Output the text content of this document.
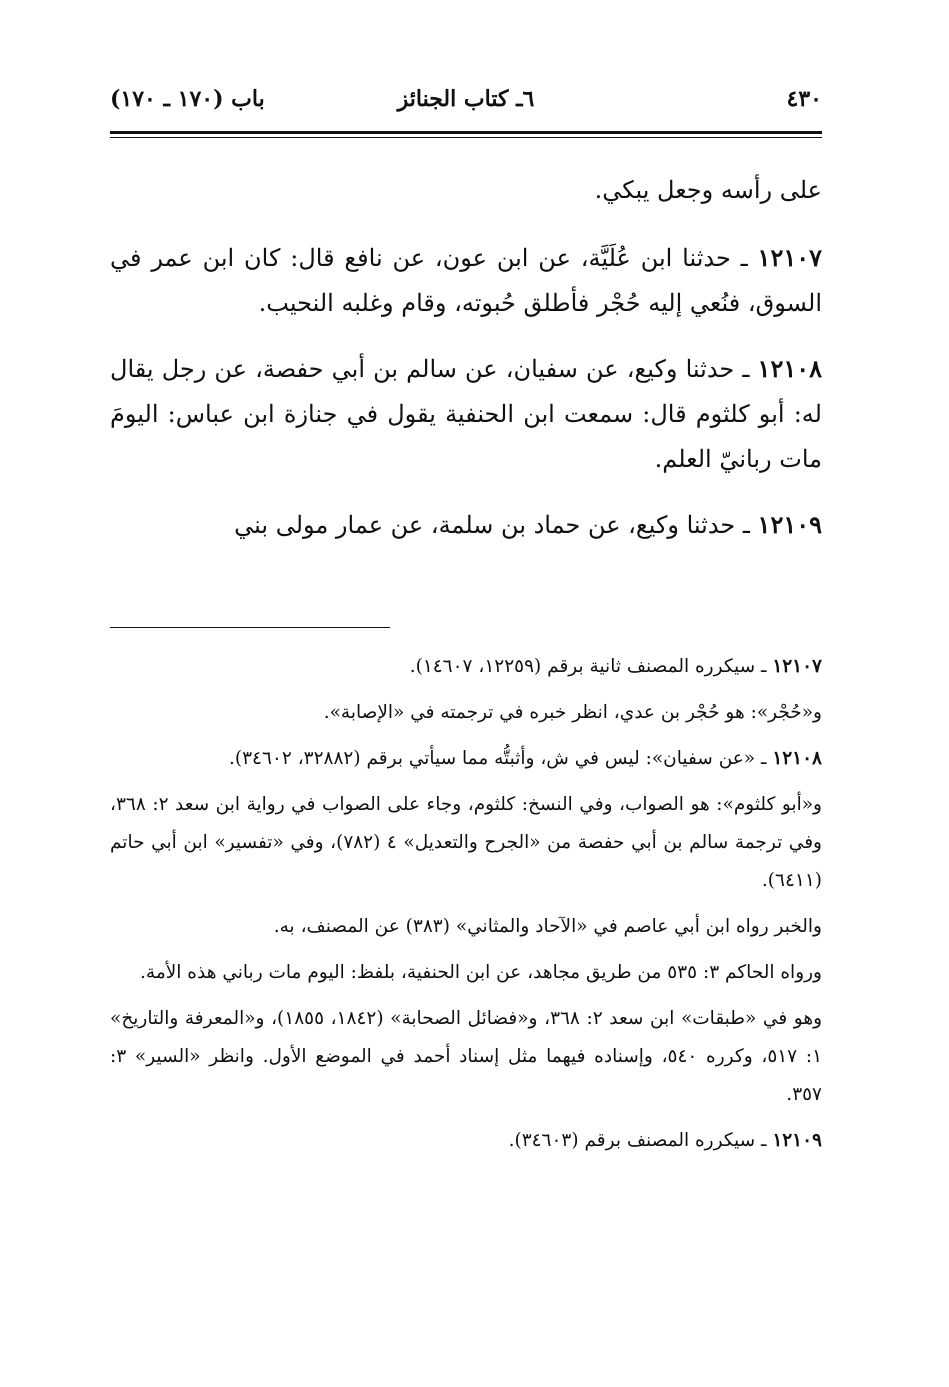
٤٣٠
٦ـ كتاب الجنائز
باب (١٧٠ ـ ١٧٠)

على رأسه وجعل يبكي.

١٢١٠٧ ـ حدثنا ابن عُلَيَّة، عن ابن عون، عن نافع قال: كان ابن عمر في السوق، فنُعي إليه حُجْر فأطلق حُبوته، وقام وغلبه النحيب.

١٢١٠٨ ـ حدثنا وكيع، عن سفيان، عن سالم بن أبي حفصة، عن رجل يقال له: أبو كلثوم قال: سمعت ابن الحنفية يقول في جنازة ابن عباس: اليومَ مات ربانيّ العلم.

١٢١٠٩ ـ حدثنا وكيع، عن حماد بن سلمة، عن عمار مولى بني

١٢١٠٧ ـ سيكرره المصنف ثانية برقم (١٢٢٥٩، ١٤٦٠٧).

و«حُجْر»: هو حُجْر بن عدي، انظر خبره في ترجمته في «الإصابة».

١٢١٠٨ ـ «عن سفيان»: ليس في ش، وأثبتُّه مما سيأتي برقم (٣٢٨٨٢، ٣٤٦٠٢).

و«أبو كلثوم»: هو الصواب، وفي النسخ: كلثوم، وجاء على الصواب في رواية ابن سعد ٢: ٣٦٨، وفي ترجمة سالم بن أبي حفصة من «الجرح والتعديل» ٤ (٧٨٢)، وفي «تفسير» ابن أبي حاتم (٦٤١١).

والخبر رواه ابن أبي عاصم في «الآحاد والمثاني» (٣٨٣) عن المصنف، به.

ورواه الحاكم ٣: ٥٣٥ من طريق مجاهد، عن ابن الحنفية، بلفظ: اليوم مات رباني هذه الأمة.

وهو في «طبقات» ابن سعد ٢: ٣٦٨، و«فضائل الصحابة» (١٨٤٢، ١٨٥٥)، و«المعرفة والتاريخ» ١: ٥١٧، وكرره ٥٤٠، وإسناده فيهما مثل إسناد أحمد في الموضع الأول. وانظر «السير» ٣: ٣٥٧.

١٢١٠٩ ـ سيكرره المصنف برقم (٣٤٦٠٣).
